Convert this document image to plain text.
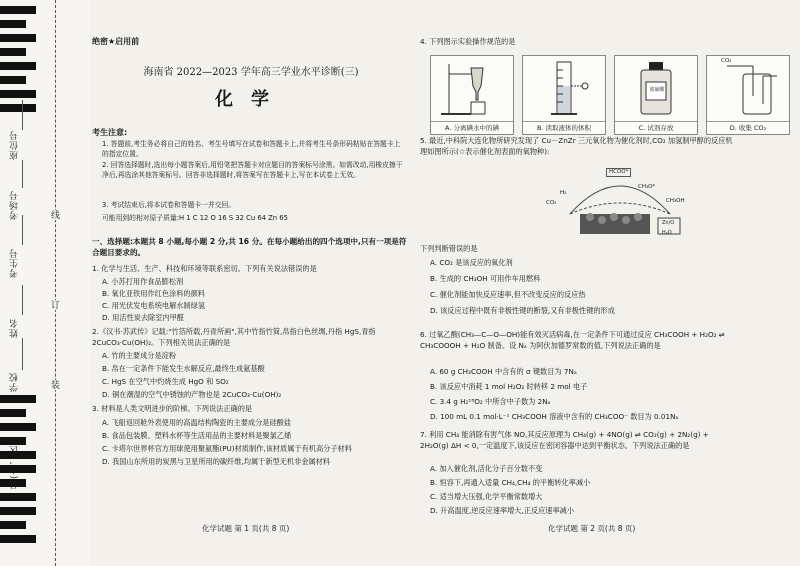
座位号
考场号
考生号
姓名
学校
县(市、区)
线
订
装
绝密★启用前
海南省 2022—2023 学年高三学业水平诊断(三)
化学
考生注意:
1. 答题前,考生务必将自己的姓名、考生号填写在试卷和答题卡上,并将考生号条形码粘贴在答题卡上的指定位置。
2. 回答选择题时,选出每小题答案后,用铅笔把答题卡对应题目的答案标号涂黑。如需改动,用橡皮擦干净后,再选涂其他答案标号。回答非选择题时,将答案写在答题卡上,写在本试卷上无效。
3. 考试结束后,将本试卷和答题卡一并交回。
可能用到的相对原子质量:H 1 C 12 O 16 S 32 Cu 64 Zn 65
一、选择题:本题共 8 小题,每小题 2 分,共 16 分。在每小题给出的四个选项中,只有一项是符合题目要求的。
1. 化学与生活、生产、科技和环境等联系密切。下列有关说法错误的是
A. 小苏打用作食品膨松剂
B. 氧化亚铁用作红色涂料的颜料
C. 用光伏发电系统电解水制绿氢
D. 用活性炭去除室内甲醛
2.《汉书·苏武传》记载:"竹箔所载,丹青所画",其中竹指竹简,帛指白色丝绸,丹指 HgS,青指 2CuCO₃·Cu(OH)₂。下列相关说法正确的是
A. 竹的主要成分是淀粉
B. 帛在一定条件下能发生水解反应,最终生成氨基酸
C. HgS 在空气中灼烧生成 HgO 和 SO₂
D. 铜在潮湿的空气中锈蚀的产物也是 2CuCO₃·Cu(OH)₂
3. 材料是人类文明进步的阶梯。下列说法正确的是
A. 飞船返回舱外表使用的高温结构陶瓷的主要成分是硅酸盐
B. 食品包装膜、塑料水杯等生活用品的主要材料是聚氯乙烯
C. 卡塔尔世界杯官方用球使用聚氨酯(PU)材质制作,该材质属于有机高分子材料
D. 我国山东所用的炭黑与卫星所用的碳纤维,均属于新型无机非金属材料
化学试题 第 1 页(共 8 页)
4. 下列图示实验操作规范的是
A. 分离碘水中的碘	B. 读取液体的体积
浓硫酸
C. 试剂存放
CO₂
D. 收集 CO₂
5. 最近,中科院大连化物所研究发现了 Cu－ZnZr 三元氧化物为催化剂时,CO₂ 加氢制甲醇的反应机理如图所示(☆表示催化剂表面的氧物种):
HCOO*
CH₃O*
CH₃OH
CO₂
H₂
Zn/O
H₂O
下列判断错误的是
A. CO₂ 是该反应的氧化剂
B. 生成的 CH₃OH 可用作车用燃料
C. 催化剂能加快反应速率,但不改变反应的反应热
D. 该反应过程中既有非极性键的断裂,又有非极性键的形成
6. 过氧乙酸(CH₃—C—O—OH)能有效灭活病毒,在一定条件下可通过反应 CH₃COOH + H₂O₂ ⇌ CH₃COOOH + H₂O 制备。设 Nₐ 为阿伏加德罗常数的值,下列说法正确的是
A. 60 g CH₃COOH 中含有的 σ 键数目为 7Nₐ
B. 该反应中消耗 1 mol H₂O₂ 时转移 2 mol 电子
C. 3.4 g H₂¹⁸O₂ 中所含中子数为 2Nₐ
D. 100 mL 0.1 mol·L⁻¹ CH₃COOH 溶液中含有的 CH₃COO⁻ 数目为 0.01Nₐ
7. 利用 CH₄ 能消除有害气体 NO,其反应原理为 CH₄(g) + 4NO(g) ⇌ CO₂(g) + 2N₂(g) + 2H₂O(g) ΔH < 0,一定温度下,该反应在密闭容器中达到平衡状态。下列说法正确的是
A. 加入催化剂,活化分子百分数不变
B. 恒容下,再通入适量 CH₄,CH₄ 的平衡转化率减小
C. 适当增大压强,化学平衡常数增大
D. 升高温度,逆反应速率增大,正反应速率减小
化学试题 第 2 页(共 8 页)
